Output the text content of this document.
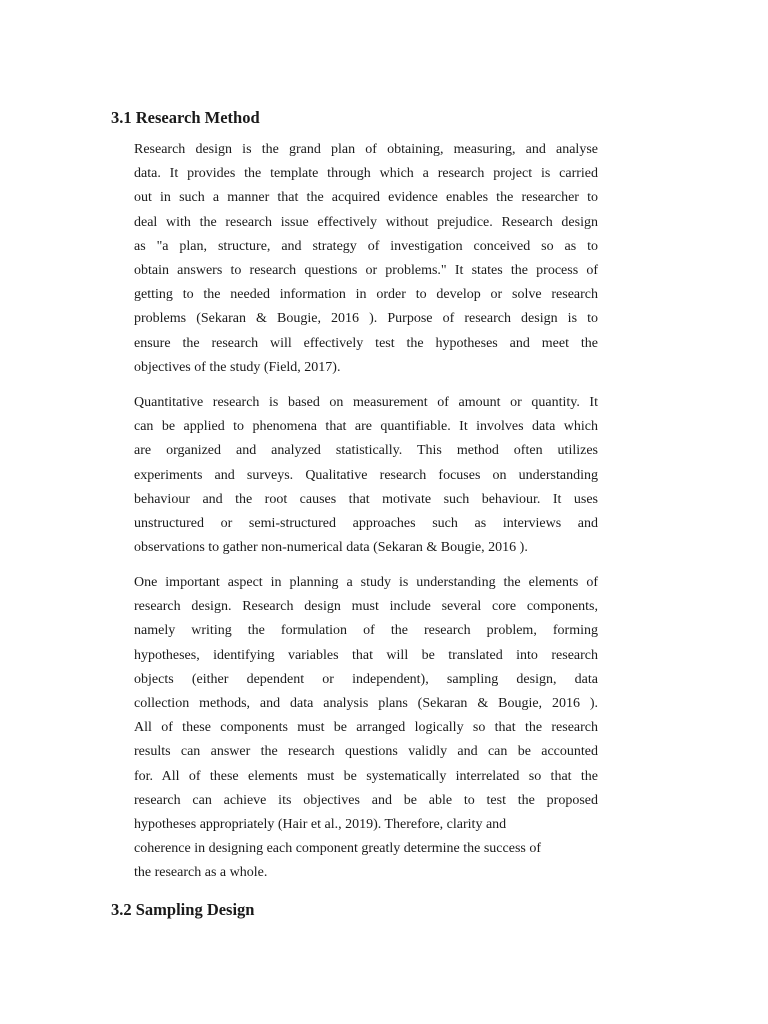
3.1 Research Method
Research design is the grand plan of obtaining, measuring, and analyse
data. It provides the template through which a research project is carried
out in such a manner that the acquired evidence enables the researcher to
deal with the research issue effectively without prejudice. Research design
as "a plan, structure, and strategy of investigation conceived so as to
obtain answers to research questions or problems." It states the process of
getting to the needed information in order to develop or solve research
problems (Sekaran & Bougie, 2016 ). Purpose of research design is to
ensure the research will effectively test the hypotheses and meet the
objectives of the study (Field, 2017).
Quantitative research is based on measurement of amount or quantity. It
can be applied to phenomena that are quantifiable. It involves data which
are organized and analyzed statistically. This method often utilizes
experiments and surveys. Qualitative research focuses on understanding
behaviour and the root causes that motivate such behaviour. It uses
unstructured or semi-structured approaches such as interviews and
observations to gather non-numerical data (Sekaran & Bougie, 2016 ).
One important aspect in planning a study is understanding the elements of
research design. Research design must include several core components,
namely writing the formulation of the research problem, forming
hypotheses, identifying variables that will be translated into research
objects (either dependent or independent), sampling design, data
collection methods, and data analysis plans (Sekaran & Bougie, 2016 ).
All of these components must be arranged logically so that the research
results can answer the research questions validly and can be accounted
for. All of these elements must be systematically interrelated so that the
research can achieve its objectives and be able to test the proposed
hypotheses appropriately (Hair et al., 2019). Therefore, clarity and
coherence in designing each component greatly determine the success of
the research as a whole.
3.2 Sampling Design
